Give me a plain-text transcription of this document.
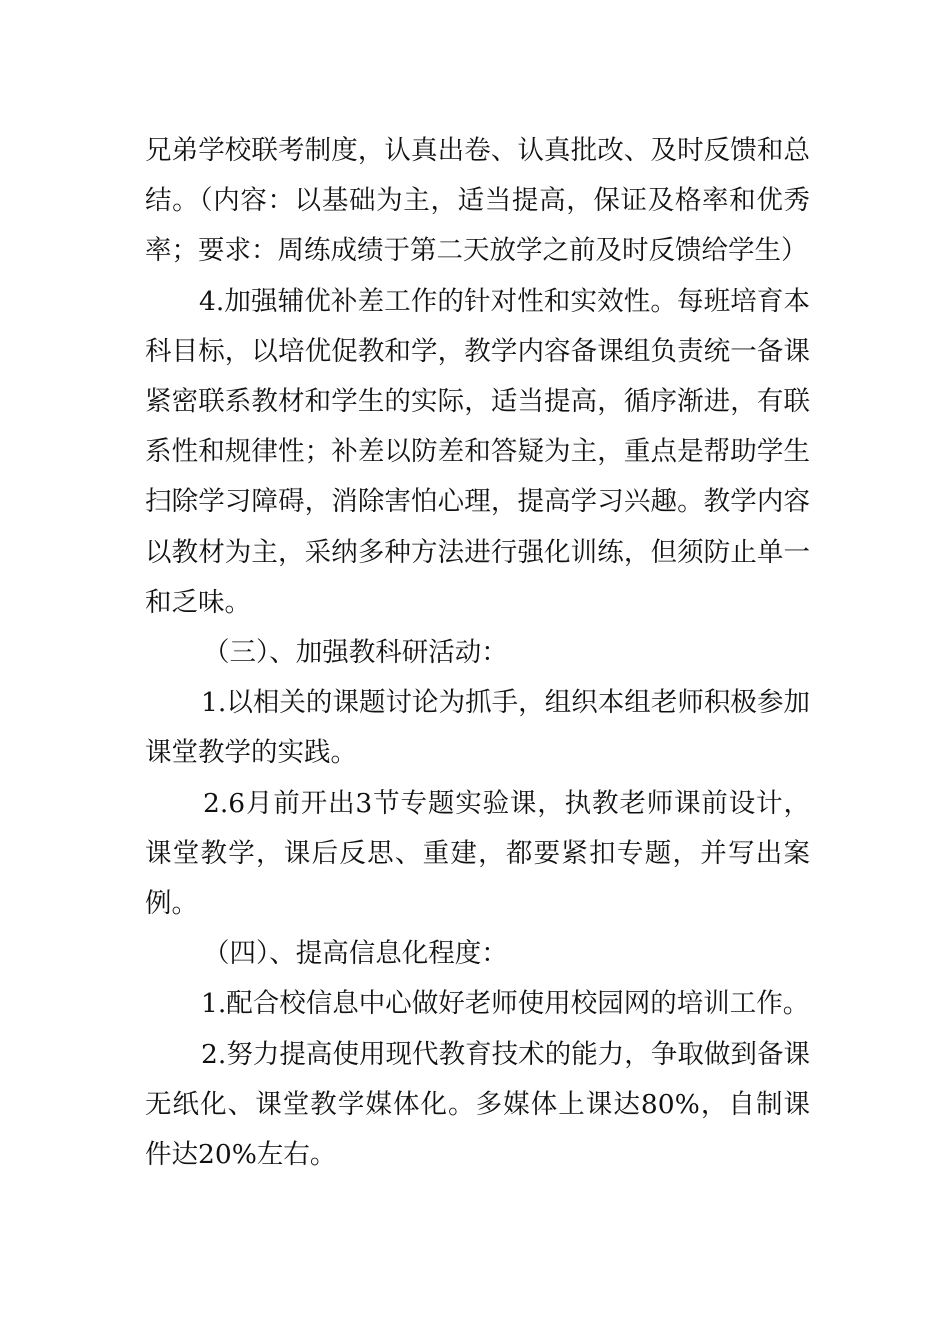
兄弟学校联考制度，认真出卷、认真批改、及时反馈和总结。（内容：以基础为主，适当提高，保证及格率和优秀率；要求：周练成绩于第二天放学之前及时反馈给学生）

4.加强辅优补差工作的针对性和实效性。每班培育本科目标，以培优促教和学，教学内容备课组负责统一备课紧密联系教材和学生的实际，适当提高，循序渐进，有联系性和规律性；补差以防差和答疑为主，重点是帮助学生扫除学习障碍，消除害怕心理，提高学习兴趣。教学内容以教材为主，采纳多种方法进行强化训练，但须防止单一和乏味。

（三）、加强教科研活动：

1.以相关的课题讨论为抓手，组织本组老师积极参加课堂教学的实践。

2.6月前开出3节专题实验课，执教老师课前设计，课堂教学，课后反思、重建，都要紧扣专题，并写出案例。

（四）、提高信息化程度：

1.配合校信息中心做好老师使用校园网的培训工作。

2.努力提高使用现代教育技术的能力，争取做到备课无纸化、课堂教学媒体化。多媒体上课达80%，自制课件达20%左右。
